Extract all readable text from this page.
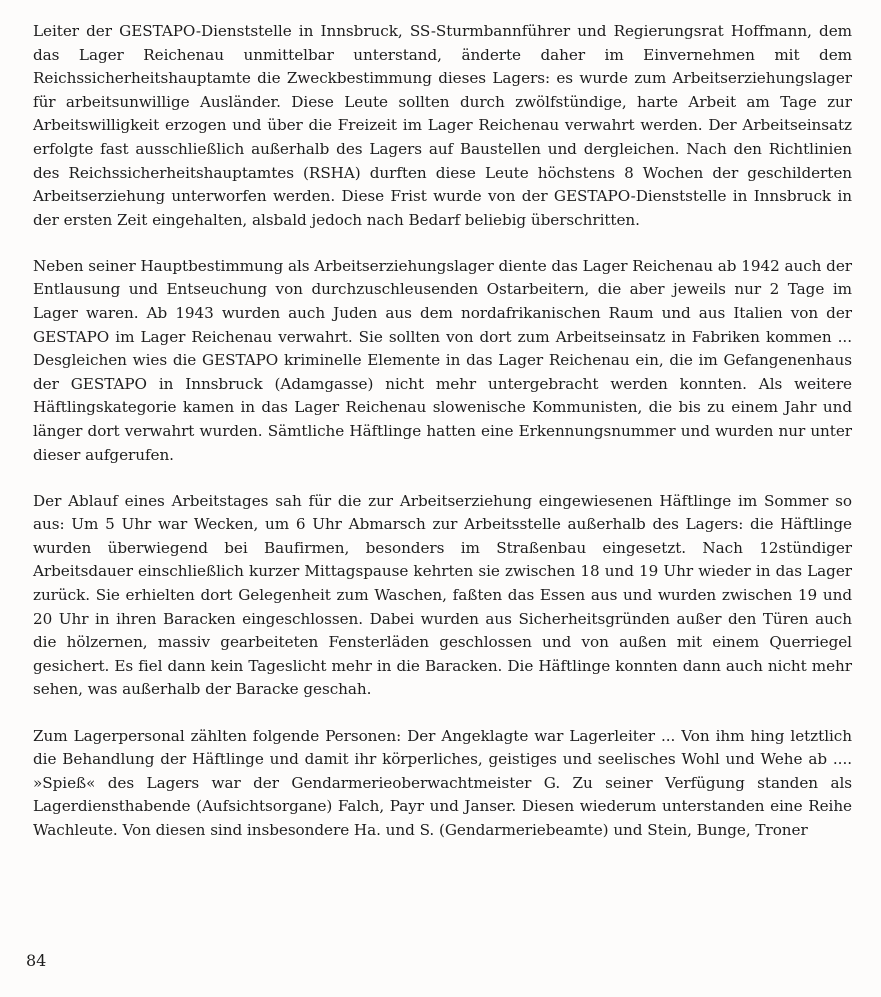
Leiter der GESTAPO-Dienststelle in Innsbruck, SS-Sturmbannführer und Regierungsrat Hoffmann, dem das Lager Reichenau unmittelbar unterstand, änderte daher im Einvernehmen mit dem Reichssicherheitshauptamte die Zweckbestimmung dieses Lagers: es wurde zum Arbeitserziehungslager für arbeitsunwillige Ausländer. Diese Leute sollten durch zwölfstündige, harte Arbeit am Tage zur Arbeitswilligkeit erzogen und über die Freizeit im Lager Reichenau verwahrt werden. Der Arbeitseinsatz erfolgte fast ausschließlich außerhalb des Lagers auf Baustellen und dergleichen. Nach den Richtlinien des Reichssicherheitshauptamtes (RSHA) durften diese Leute höchstens 8 Wochen der geschilderten Arbeitserziehung unterworfen werden. Diese Frist wurde von der GESTAPO-Dienststelle in Innsbruck in der ersten Zeit eingehalten, alsbald jedoch nach Bedarf beliebig überschritten.

Neben seiner Hauptbestimmung als Arbeitserziehungslager diente das Lager Reichenau ab 1942 auch der Entlausung und Entseuchung von durchzuschleusenden Ostarbeitern, die aber jeweils nur 2 Tage im Lager waren. Ab 1943 wurden auch Juden aus dem nordafrikanischen Raum und aus Italien von der GESTAPO im Lager Reichenau verwahrt. Sie sollten von dort zum Arbeitseinsatz in Fabriken kommen ... Desgleichen wies die GESTAPO kriminelle Elemente in das Lager Reichenau ein, die im Gefangenenhaus der GESTAPO in Innsbruck (Adamgasse) nicht mehr untergebracht werden konnten. Als weitere Häftlingskategorie kamen in das Lager Reichenau slowenische Kommunisten, die bis zu einem Jahr und länger dort verwahrt wurden. Sämtliche Häftlinge hatten eine Erkennungsnummer und wurden nur unter dieser aufgerufen.

Der Ablauf eines Arbeitstages sah für die zur Arbeitserziehung eingewiesenen Häftlinge im Sommer so aus: Um 5 Uhr war Wecken, um 6 Uhr Abmarsch zur Arbeitsstelle außerhalb des Lagers: die Häftlinge wurden überwiegend bei Baufirmen, besonders im Straßenbau eingesetzt. Nach 12stündiger Arbeitsdauer einschließlich kurzer Mittagspause kehrten sie zwischen 18 und 19 Uhr wieder in das Lager zurück. Sie erhielten dort Gelegenheit zum Waschen, faßten das Essen aus und wurden zwischen 19 und 20 Uhr in ihren Baracken eingeschlossen. Dabei wurden aus Sicherheitsgründen außer den Türen auch die hölzernen, massiv gearbeiteten Fensterläden geschlossen und von außen mit einem Querriegel gesichert. Es fiel dann kein Tageslicht mehr in die Baracken. Die Häftlinge konnten dann auch nicht mehr sehen, was außerhalb der Baracke geschah.

Zum Lagerpersonal zählten folgende Personen: Der Angeklagte war Lagerleiter ... Von ihm hing letztlich die Behandlung der Häftlinge und damit ihr körperliches, geistiges und seelisches Wohl und Wehe ab .... »Spieß« des Lagers war der Gendarmerieoberwachtmeister G. Zu seiner Verfügung standen als Lagerdiensthabende (Aufsichtsorgane) Falch, Payr und Janser. Diesen wiederum unterstanden eine Reihe Wachleute. Von diesen sind insbesondere Ha. und S. (Gendarmeriebeamte) und Stein, Bunge, Troner

84
